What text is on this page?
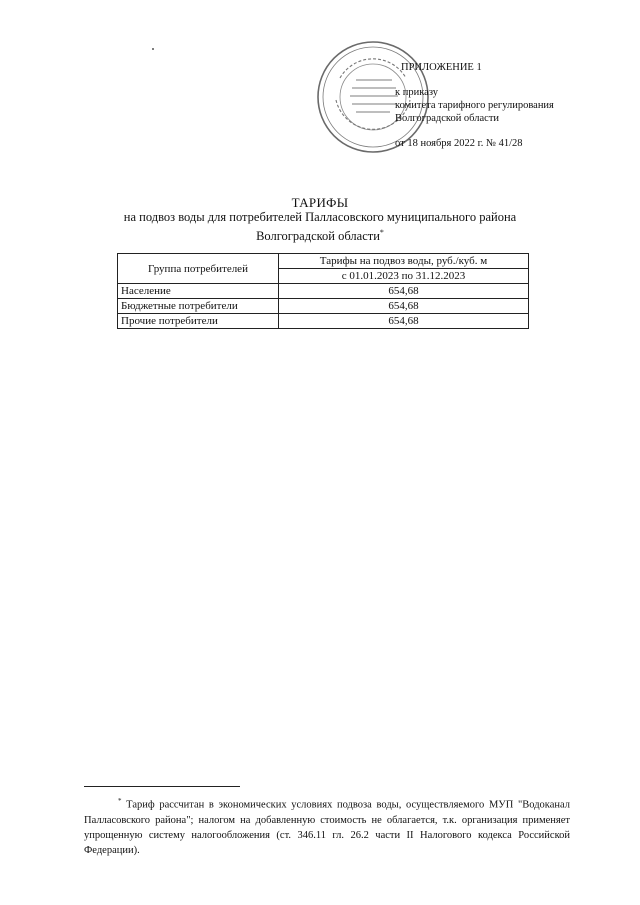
ПРИЛОЖЕНИЕ 1
к приказу
комитета тарифного регулирования
Волгоградской области
от 18 ноября 2022 г. № 41/28
ТАРИФЫ
на подвоз воды для потребителей Палласовского муниципального района
Волгоградской области*
Группа потребителей	Тарифы на подвоз воды, руб./куб. м
	с 01.01.2023 по 31.12.2023
Население	654,68
Бюджетные потребители	654,68
Прочие потребители	654,68
* Тариф рассчитан в экономических условиях подвоза воды, осуществляемого МУП "Водоканал Палласовского района"; налогом на добавленную стоимость не облагается, т.к. организация применяет упрощенную систему налогообложения (ст. 346.11 гл. 26.2 части II Налогового кодекса Российской Федерации).
